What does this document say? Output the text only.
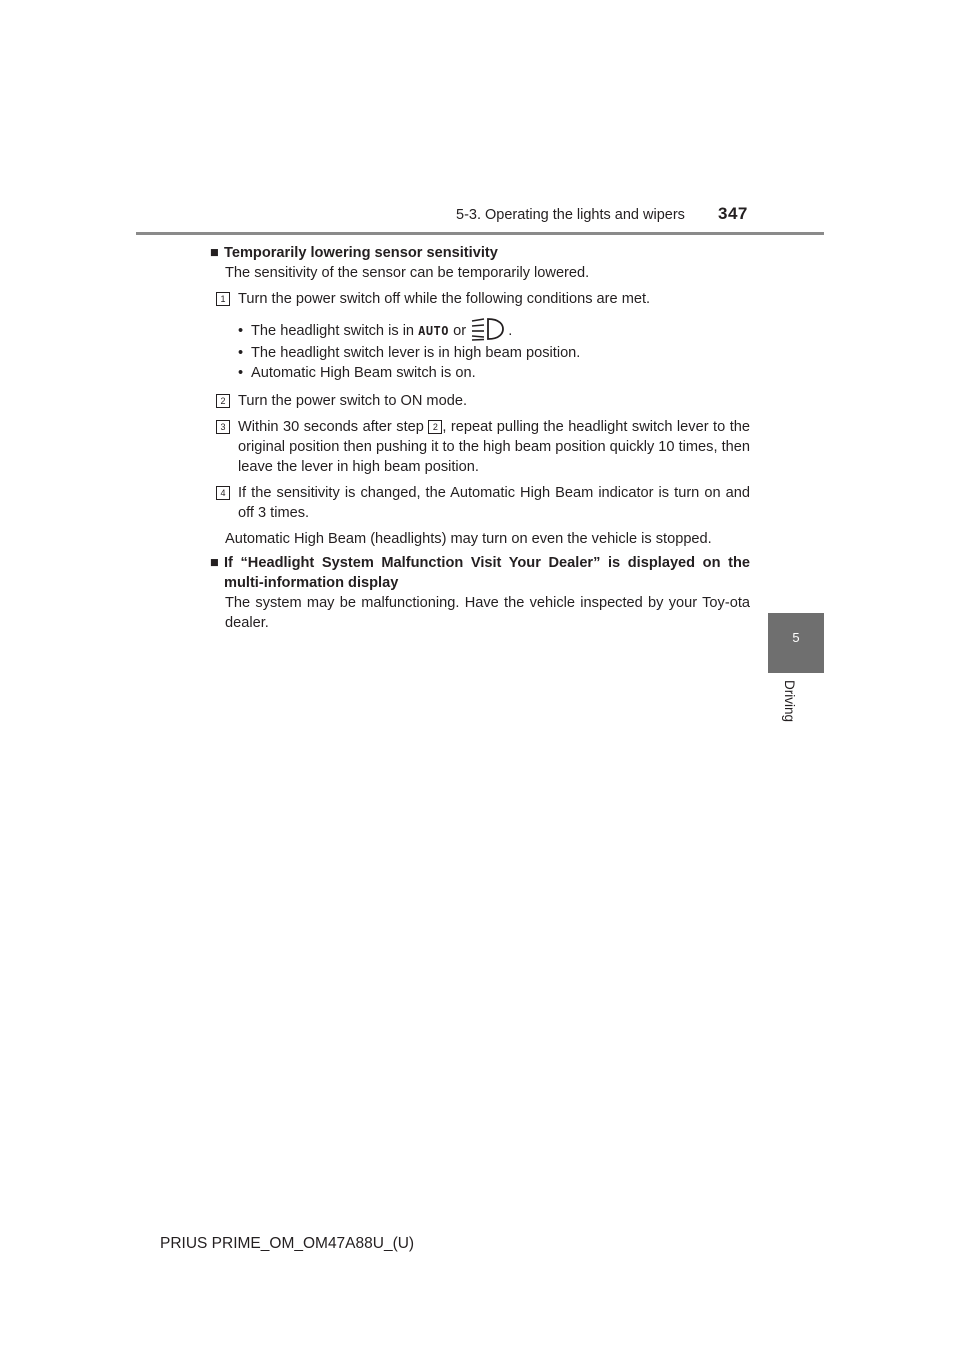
5-3. Operating the lights and wipers 347
5
Driving
■ Temporarily lowering sensor sensitivity
The sensitivity of the sensor can be temporarily lowered.
1 Turn the power switch off while the following conditions are met.
• The headlight switch is in AUTO or	.
• The headlight switch lever is in high beam position.
• Automatic High Beam switch is on.
2 Turn the power switch to ON mode.
3 Within 30 seconds after step 2 , repeat pulling the headlight switch lever to the original position then pushing it to the high beam position quickly 10 times, then leave the lever in high beam position.
4 If the sensitivity is changed, the Automatic High Beam indicator is turn on and off 3 times.
Automatic High Beam (headlights) may turn on even the vehicle is stopped.
■ If “Headlight System Malfunction Visit Your Dealer” is displayed on the multi-information display
The system may be malfunctioning. Have the vehicle inspected by your Toy-ota dealer.
PRIUS PRIME_OM_OM47A88U_(U)
